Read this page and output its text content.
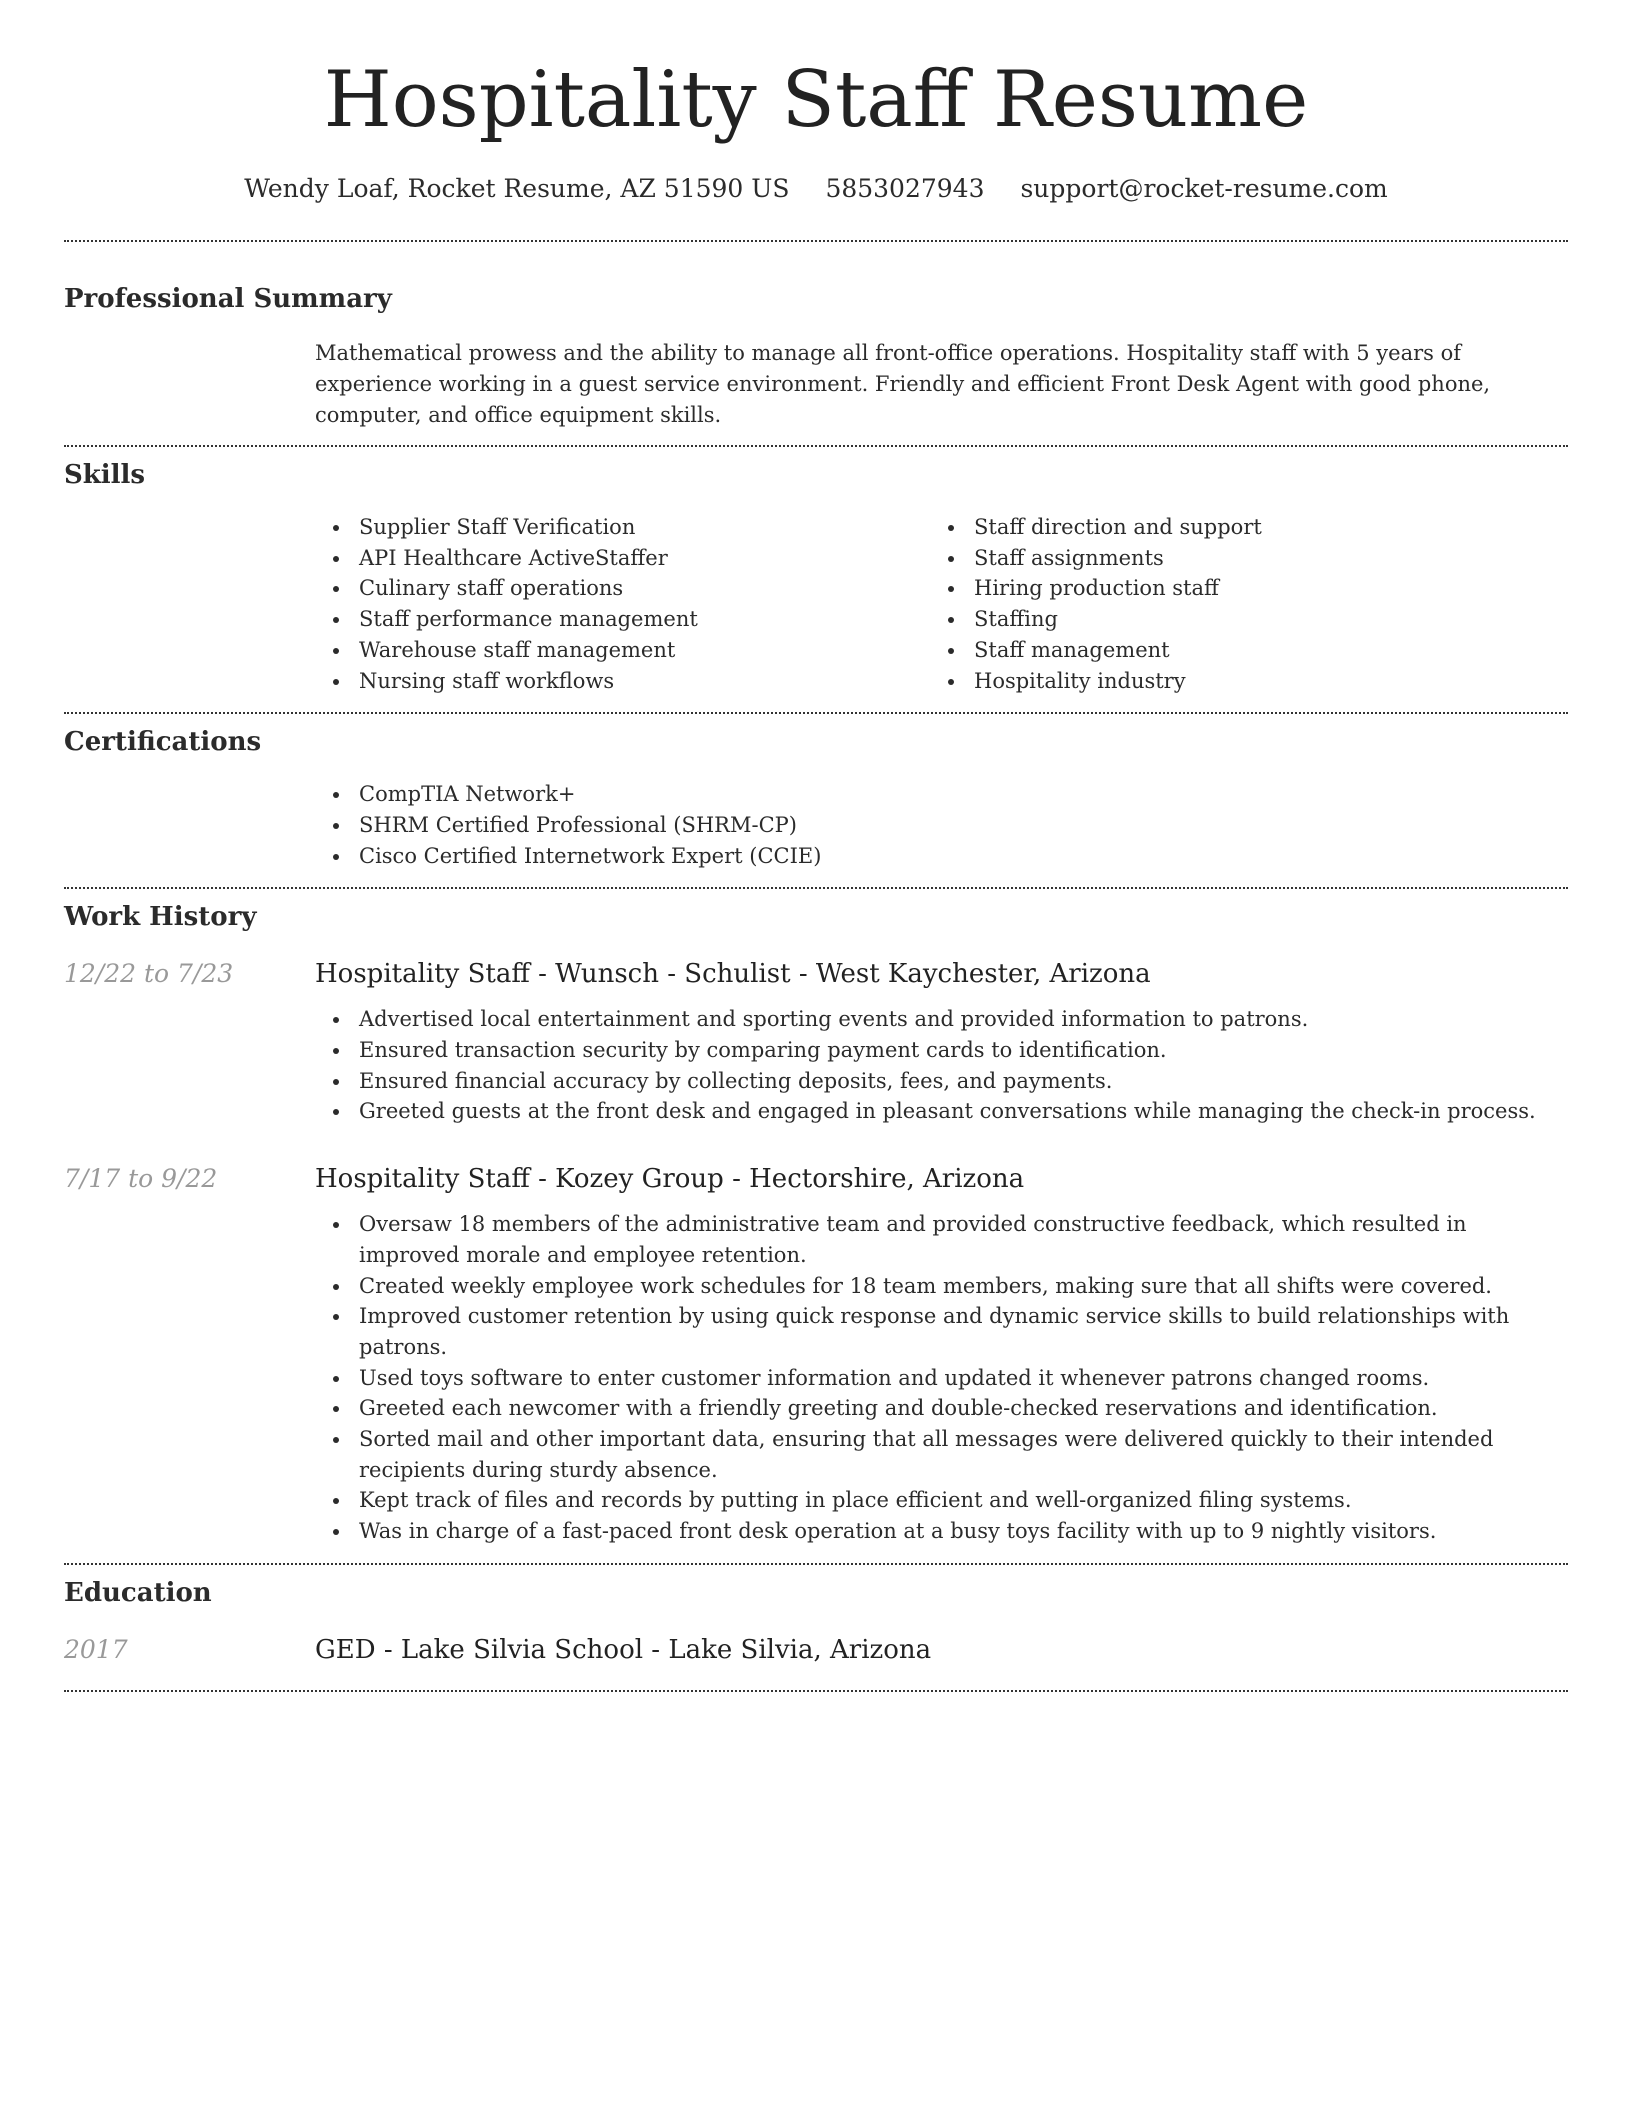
Hospitality Staff Resume
Wendy Loaf, Rocket Resume, AZ 51590 US 5853027943 support@rocket-resume.com
Professional Summary

Mathematical prowess and the ability to manage all front-office operations. Hospitality staff with 5 years of experience working in a guest service environment. Friendly and efficient Front Desk Agent with good phone, computer, and office equipment skills.

Skills
Supplier Staff Verification
API Healthcare ActiveStaffer
Culinary staff operations
Staff performance management
Warehouse staff management
Nursing staff workflows
Staff direction and support
Staff assignments
Hiring production staff
Staffing
Staff management
Hospitality industry
Certifications
CompTIA Network+
SHRM Certified Professional (SHRM-CP)
Cisco Certified Internetwork Expert (CCIE)
Work History
12/22 to 7/23	Hospitality Staff - Wunsch - Schulist - West Kaychester, Arizona
Advertised local entertainment and sporting events and provided information to patrons.
Ensured transaction security by comparing payment cards to identification.
Ensured financial accuracy by collecting deposits, fees, and payments.
Greeted guests at the front desk and engaged in pleasant conversations while managing the check-in process.
7/17 to 9/22	Hospitality Staff - Kozey Group - Hectorshire, Arizona
Oversaw 18 members of the administrative team and provided constructive feedback, which resulted in improved morale and employee retention.
Created weekly employee work schedules for 18 team members, making sure that all shifts were covered.
Improved customer retention by using quick response and dynamic service skills to build relationships with patrons.
Used toys software to enter customer information and updated it whenever patrons changed rooms.
Greeted each newcomer with a friendly greeting and double-checked reservations and identification.
Sorted mail and other important data, ensuring that all messages were delivered quickly to their intended recipients during sturdy absence.
Kept track of files and records by putting in place efficient and well-organized filing systems.
Was in charge of a fast-paced front desk operation at a busy toys facility with up to 9 nightly visitors.
Education
2017	GED - Lake Silvia School - Lake Silvia, Arizona
